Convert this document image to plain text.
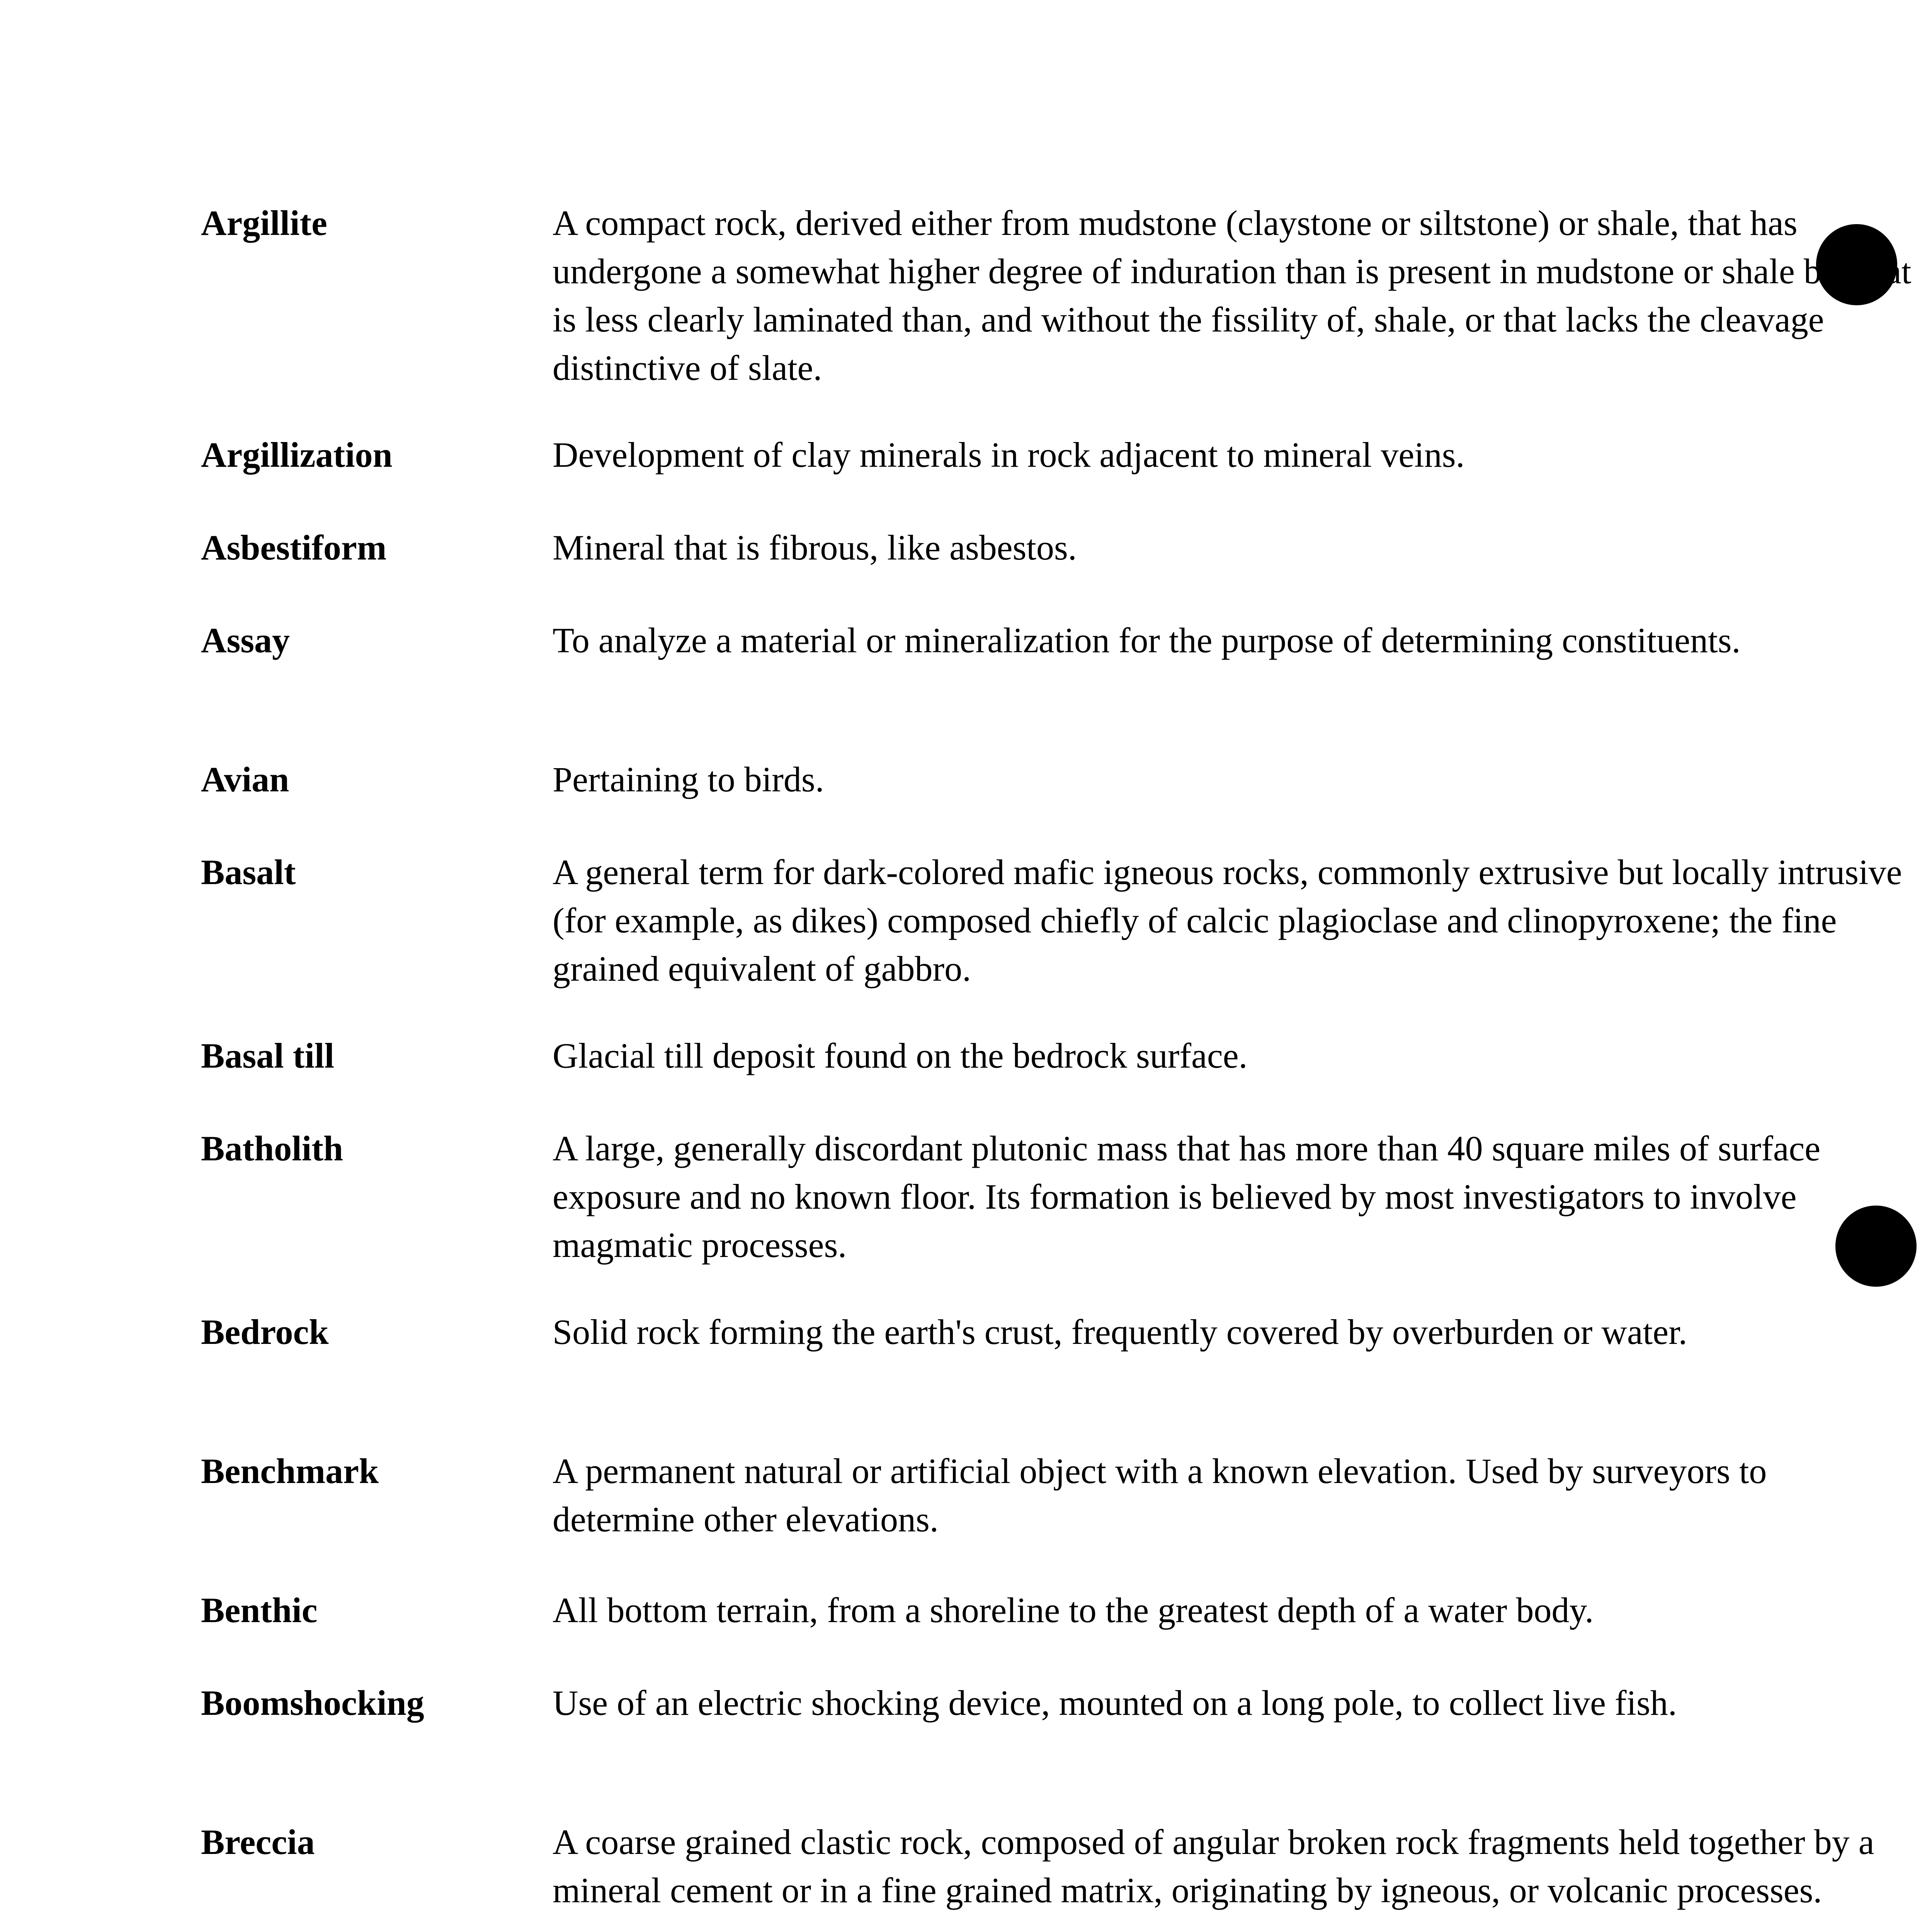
Argillite	A compact rock, derived either from mudstone (claystone or siltstone) or shale, that has undergone a somewhat higher degree of induration than is present in mudstone or shale but that is less clearly laminated than, and without the fissility of, shale, or that lacks the cleavage distinctive of slate.
Argillization	Development of clay minerals in rock adjacent to mineral veins.
Asbestiform	Mineral that is fibrous, like asbestos.
Assay	To analyze a material or mineralization for the purpose of determining constituents.
Avian	Pertaining to birds.
Basalt	A general term for dark-colored mafic igneous rocks, commonly extrusive but locally intrusive (for example, as dikes) composed chiefly of calcic plagioclase and clinopyroxene; the fine grained equivalent of gabbro.
Basal till	Glacial till deposit found on the bedrock surface.
Batholith	A large, generally discordant plutonic mass that has more than 40 square miles of surface exposure and no known floor. Its formation is believed by most investigators to involve magmatic processes.
Bedrock	Solid rock forming the earth's crust, frequently covered by overburden or water.
Benchmark	A permanent natural or artificial object with a known elevation. Used by surveyors to determine other elevations.
Benthic	All bottom terrain, from a shoreline to the greatest depth of a water body.
Boomshocking	Use of an electric shocking device, mounted on a long pole, to collect live fish.
Breccia	A coarse grained clastic rock, composed of angular broken rock fragments held together by a mineral cement or in a fine grained matrix, originating by igneous, or volcanic processes.
